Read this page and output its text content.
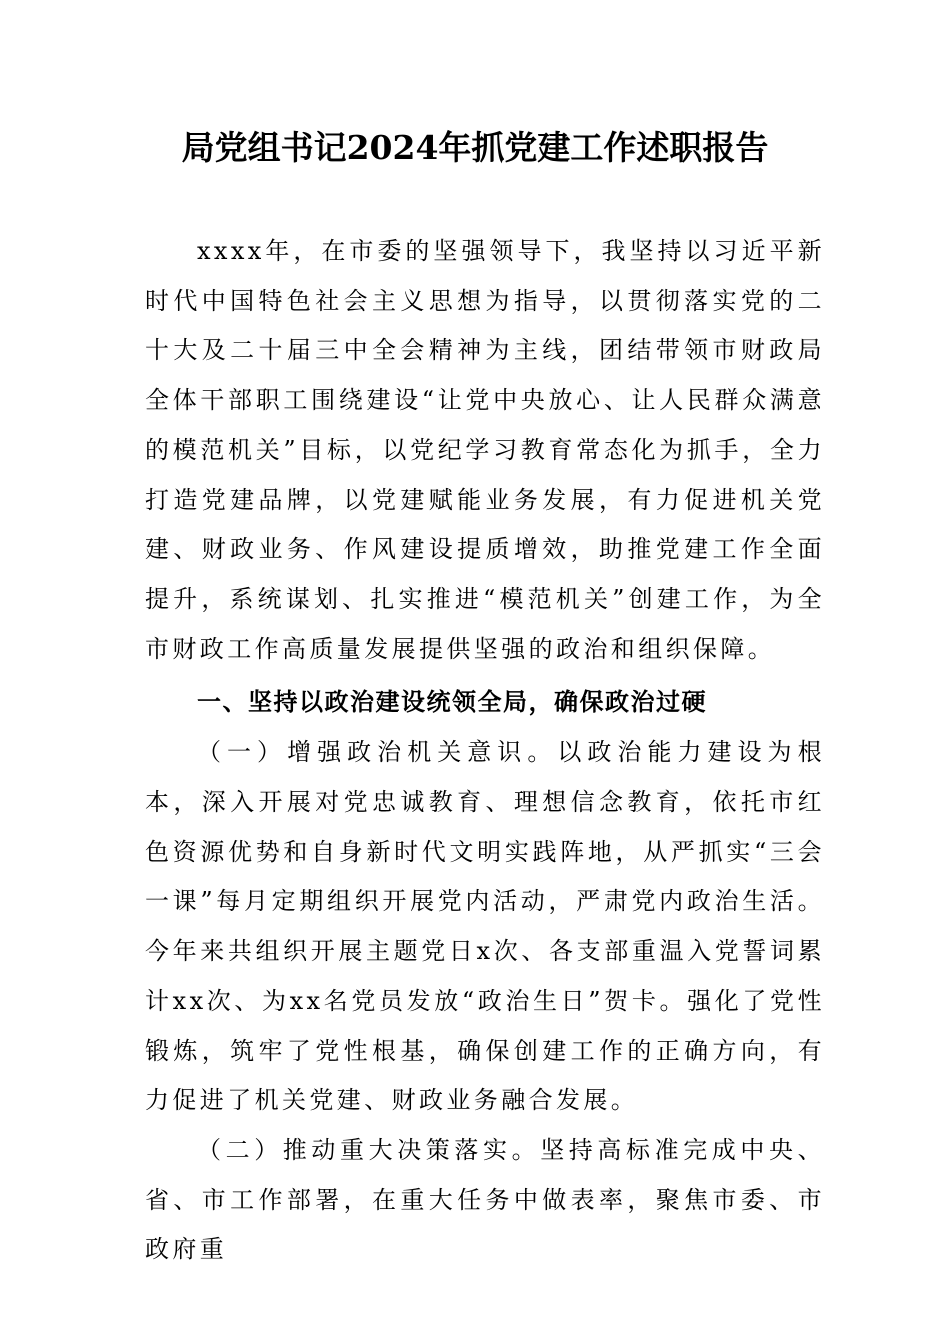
局党组书记2024年抓党建工作述职报告

xxxx年，在市委的坚强领导下，我坚持以习近平新时代中国特色社会主义思想为指导，以贯彻落实党的二十大及二十届三中全会精神为主线，团结带领市财政局全体干部职工围绕建设“让党中央放心、让人民群众满意的模范机关”目标，以党纪学习教育常态化为抓手，全力打造党建品牌，以党建赋能业务发展，有力促进机关党建、财政业务、作风建设提质增效，助推党建工作全面提升，系统谋划、扎实推进“模范机关”创建工作，为全市财政工作高质量发展提供坚强的政治和组织保障。

一、坚持以政治建设统领全局，确保政治过硬

（一）增强政治机关意识。以政治能力建设为根本，深入开展对党忠诚教育、理想信念教育，依托市红色资源优势和自身新时代文明实践阵地，从严抓实“三会一课”每月定期组织开展党内活动，严肃党内政治生活。今年来共组织开展主题党日x次、各支部重温入党誓词累计xx次、为xx名党员发放“政治生日”贺卡。强化了党性锻炼，筑牢了党性根基，确保创建工作的正确方向，有力促进了机关党建、财政业务融合发展。

（二）推动重大决策落实。坚持高标准完成中央、省、市工作部署，在重大任务中做表率，聚焦市委、市政府重
